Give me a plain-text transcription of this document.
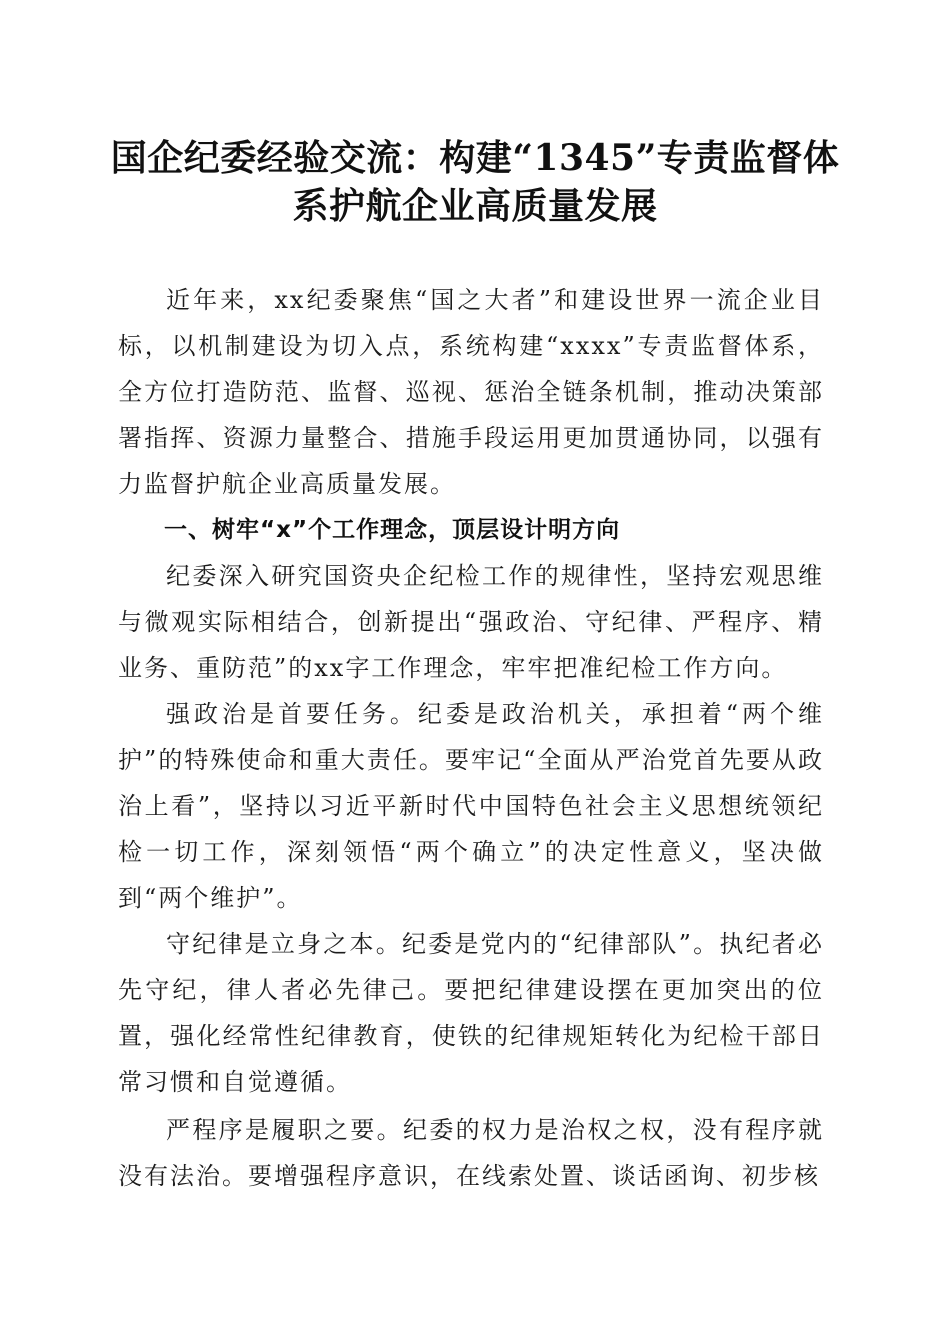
国企纪委经验交流：构建“1345”专责监督体
系护航企业高质量发展

近年来，xx纪委聚焦“国之大者”和建设世界一流企业目标，以机制建设为切入点，系统构建“xxxx”专责监督体系，全方位打造防范、监督、巡视、惩治全链条机制，推动决策部署指挥、资源力量整合、措施手段运用更加贯通协同，以强有力监督护航企业高质量发展。

一、树牢“x”个工作理念，顶层设计明方向

纪委深入研究国资央企纪检工作的规律性，坚持宏观思维与微观实际相结合，创新提出“强政治、守纪律、严程序、精业务、重防范”的xx字工作理念，牢牢把准纪检工作方向。

强政治是首要任务。纪委是政治机关，承担着“两个维护”的特殊使命和重大责任。要牢记“全面从严治党首先要从政治上看”，坚持以习近平新时代中国特色社会主义思想统领纪检一切工作，深刻领悟“两个确立”的决定性意义，坚决做到“两个维护”。

守纪律是立身之本。纪委是党内的“纪律部队”。执纪者必先守纪，律人者必先律己。要把纪律建设摆在更加突出的位置，强化经常性纪律教育，使铁的纪律规矩转化为纪检干部日常习惯和自觉遵循。

严程序是履职之要。纪委的权力是治权之权，没有程序就没有法治。要增强程序意识，在线索处置、谈话函询、初步核
